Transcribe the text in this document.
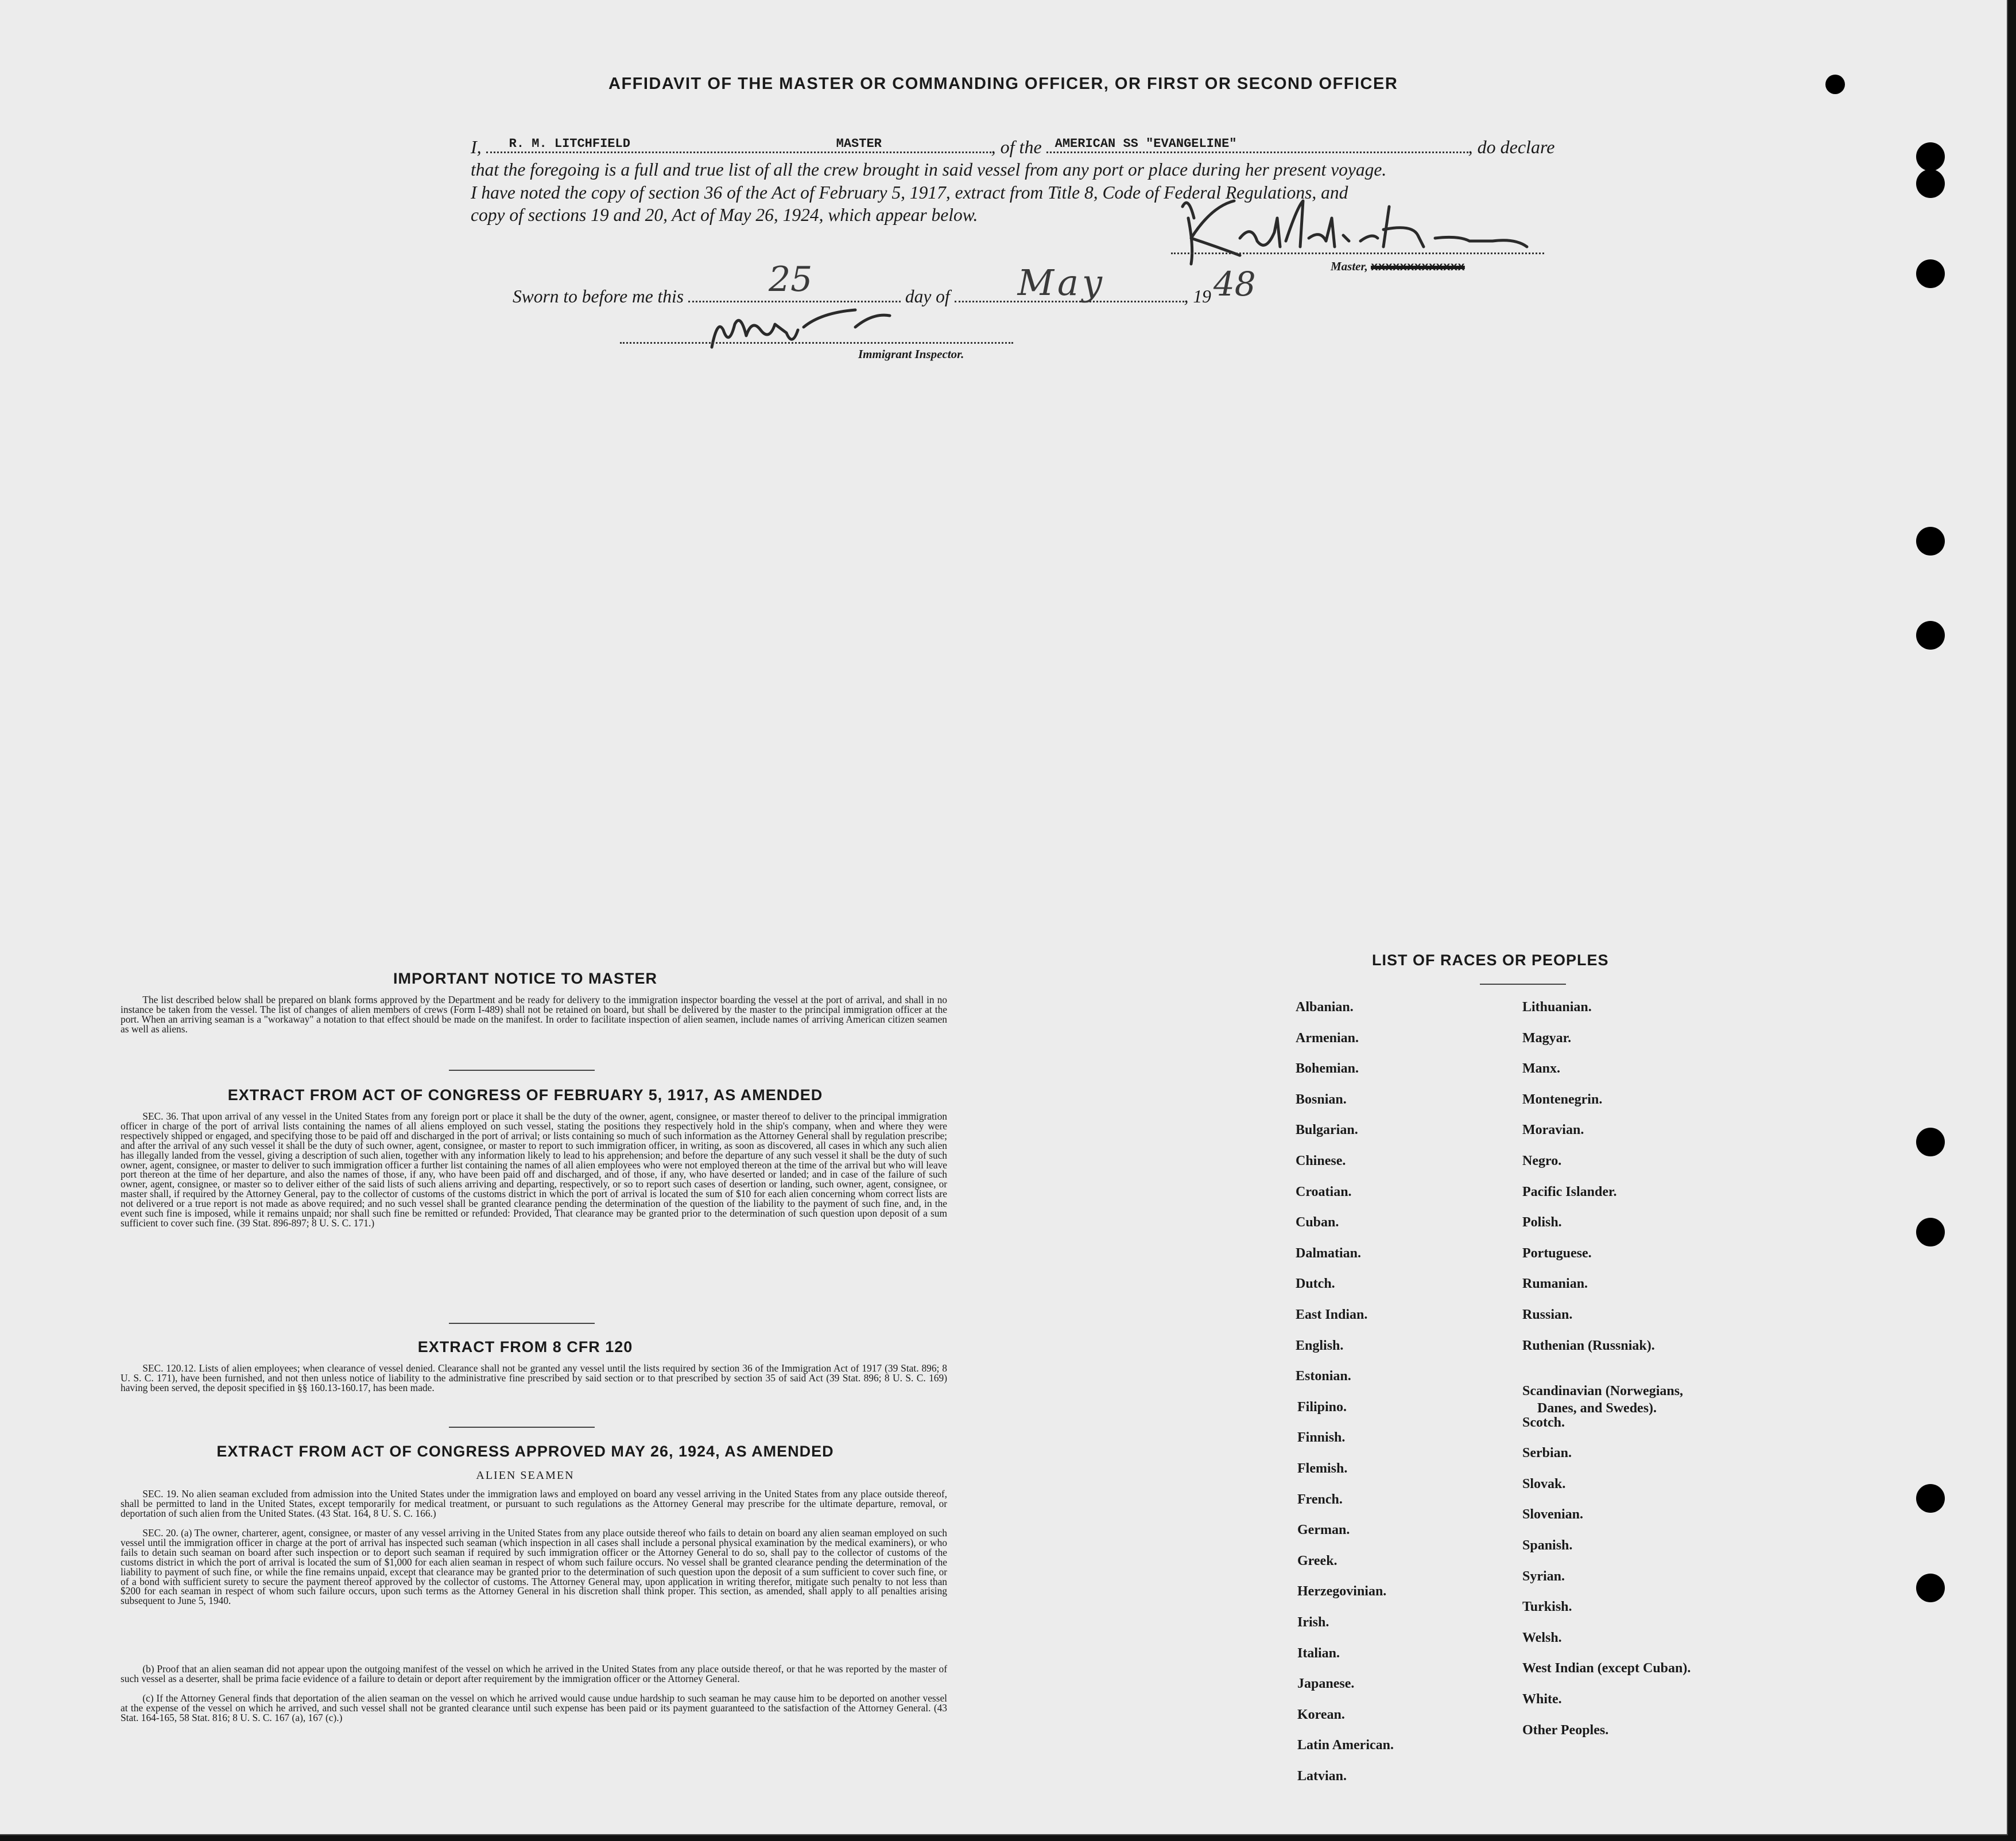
AFFIDAVIT OF THE MASTER OR COMMANDING OFFICER, OR FIRST OR SECOND OFFICER
I, R. M. LITCHFIELD	MASTER	, of the AMERICAN SS "EVANGELINE"	, do declare
that the foregoing is a full and true list of all the crew brought in said vessel from any port or place during her present voyage.
I have noted the copy of section 36 of the Act of February 5, 1917, extract from Title 8, Code of Federal Regulations, and
copy of sections 19 and 20, Act of May 26, 1924, which appear below.
Master, xxxxxxxxxxxxx
Sworn to before me this 25	day of May	, 19 48
Immigrant Inspector.
IMPORTANT NOTICE TO MASTER
The list described below shall be prepared on blank forms approved by the Department and be ready for delivery to the immigration inspector boarding the vessel at the port of arrival, and shall in no instance be taken from the vessel. The list of changes of alien members of crews (Form I-489) shall not be retained on board, but shall be delivered by the master to the principal immigration officer at the port. When an arriving seaman is a "workaway" a notation to that effect should be made on the manifest. In order to facilitate inspection of alien seamen, include names of arriving American citizen seamen as well as aliens.
EXTRACT FROM ACT OF CONGRESS OF FEBRUARY 5, 1917, AS AMENDED
SEC. 36. That upon arrival of any vessel in the United States from any foreign port or place it shall be the duty of the owner, agent, consignee, or master thereof to deliver to the principal immigration officer in charge of the port of arrival lists containing the names of all aliens employed on such vessel, stating the positions they respectively hold in the ship's company, when and where they were respectively shipped or engaged, and specifying those to be paid off and discharged in the port of arrival; or lists containing so much of such information as the Attorney General shall by regulation prescribe; and after the arrival of any such vessel it shall be the duty of such owner, agent, consignee, or master to report to such immigration officer, in writing, as soon as discovered, all cases in which any such alien has illegally landed from the vessel, giving a description of such alien, together with any information likely to lead to his apprehension; and before the departure of any such vessel it shall be the duty of such owner, agent, consignee, or master to deliver to such immigration officer a further list containing the names of all alien employees who were not employed thereon at the time of the arrival but who will leave port thereon at the time of her departure, and also the names of those, if any, who have been paid off and discharged, and of those, if any, who have deserted or landed; and in case of the failure of such owner, agent, consignee, or master so to deliver either of the said lists of such aliens arriving and departing, respectively, or so to report such cases of desertion or landing, such owner, agent, consignee, or master shall, if required by the Attorney General, pay to the collector of customs of the customs district in which the port of arrival is located the sum of $10 for each alien concerning whom correct lists are not delivered or a true report is not made as above required; and no such vessel shall be granted clearance pending the determination of the question of the liability to the payment of such fine, and, in the event such fine is imposed, while it remains unpaid; nor shall such fine be remitted or refunded: Provided, That clearance may be granted prior to the determination of such question upon deposit of a sum sufficient to cover such fine. (39 Stat. 896-897; 8 U. S. C. 171.)
EXTRACT FROM 8 CFR 120
SEC. 120.12. Lists of alien employees; when clearance of vessel denied. Clearance shall not be granted any vessel until the lists required by section 36 of the Immigration Act of 1917 (39 Stat. 896; 8 U. S. C. 171), have been furnished, and not then unless notice of liability to the administrative fine prescribed by said section or to that prescribed by section 35 of said Act (39 Stat. 896; 8 U. S. C. 169) having been served, the deposit specified in §§ 160.13-160.17, has been made.
EXTRACT FROM ACT OF CONGRESS APPROVED MAY 26, 1924, AS AMENDED
ALIEN SEAMEN
SEC. 19. No alien seaman excluded from admission into the United States under the immigration laws and employed on board any vessel arriving in the United States from any place outside thereof, shall be permitted to land in the United States, except temporarily for medical treatment, or pursuant to such regulations as the Attorney General may prescribe for the ultimate departure, removal, or deportation of such alien from the United States. (43 Stat. 164, 8 U. S. C. 166.)
SEC. 20. (a) The owner, charterer, agent, consignee, or master of any vessel arriving in the United States from any place outside thereof who fails to detain on board any alien seaman employed on such vessel until the immigration officer in charge at the port of arrival has inspected such seaman (which inspection in all cases shall include a personal physical examination by the medical examiners), or who fails to detain such seaman on board after such inspection or to deport such seaman if required by such immigration officer or the Attorney General to do so, shall pay to the collector of customs of the customs district in which the port of arrival is located the sum of $1,000 for each alien seaman in respect of whom such failure occurs. No vessel shall be granted clearance pending the determination of the liability to payment of such fine, or while the fine remains unpaid, except that clearance may be granted prior to the determination of such question upon the deposit of a sum sufficient to cover such fine, or of a bond with sufficient surety to secure the payment thereof approved by the collector of customs. The Attorney General may, upon application in writing therefor, mitigate such penalty to not less than $200 for each seaman in respect of whom such failure occurs, upon such terms as the Attorney General in his discretion shall think proper. This section, as amended, shall apply to all penalties arising subsequent to June 5, 1940.
(b) Proof that an alien seaman did not appear upon the outgoing manifest of the vessel on which he arrived in the United States from any place outside thereof, or that he was reported by the master of such vessel as a deserter, shall be prima facie evidence of a failure to detain or deport after requirement by the immigration officer or the Attorney General.
(c) If the Attorney General finds that deportation of the alien seaman on the vessel on which he arrived would cause undue hardship to such seaman he may cause him to be deported on another vessel at the expense of the vessel on which he arrived, and such vessel shall not be granted clearance until such expense has been paid or its payment guaranteed to the satisfaction of the Attorney General. (43 Stat. 164-165, 58 Stat. 816; 8 U. S. C. 167 (a), 167 (c).)
LIST OF RACES OR PEOPLES
Albanian.
Armenian.
Bohemian.
Bosnian.
Bulgarian.
Chinese.
Croatian.
Cuban.
Dalmatian.
Dutch.
East Indian.
English.
Estonian.
Filipino.
Finnish.
Flemish.
French.
German.
Greek.
Herzegovinian.
Irish.
Italian.
Japanese.
Korean.
Latin American.
Latvian.
Lithuanian.
Magyar.
Manx.
Montenegrin.
Moravian.
Negro.
Pacific Islander.
Polish.
Portuguese.
Rumanian.
Russian.
Ruthenian (Russniak).
Scandinavian (Norwegians,
Danes, and Swedes).
Scotch.
Serbian.
Slovak.
Slovenian.
Spanish.
Syrian.
Turkish.
Welsh.
West Indian (except Cuban).
White.
Other Peoples.
